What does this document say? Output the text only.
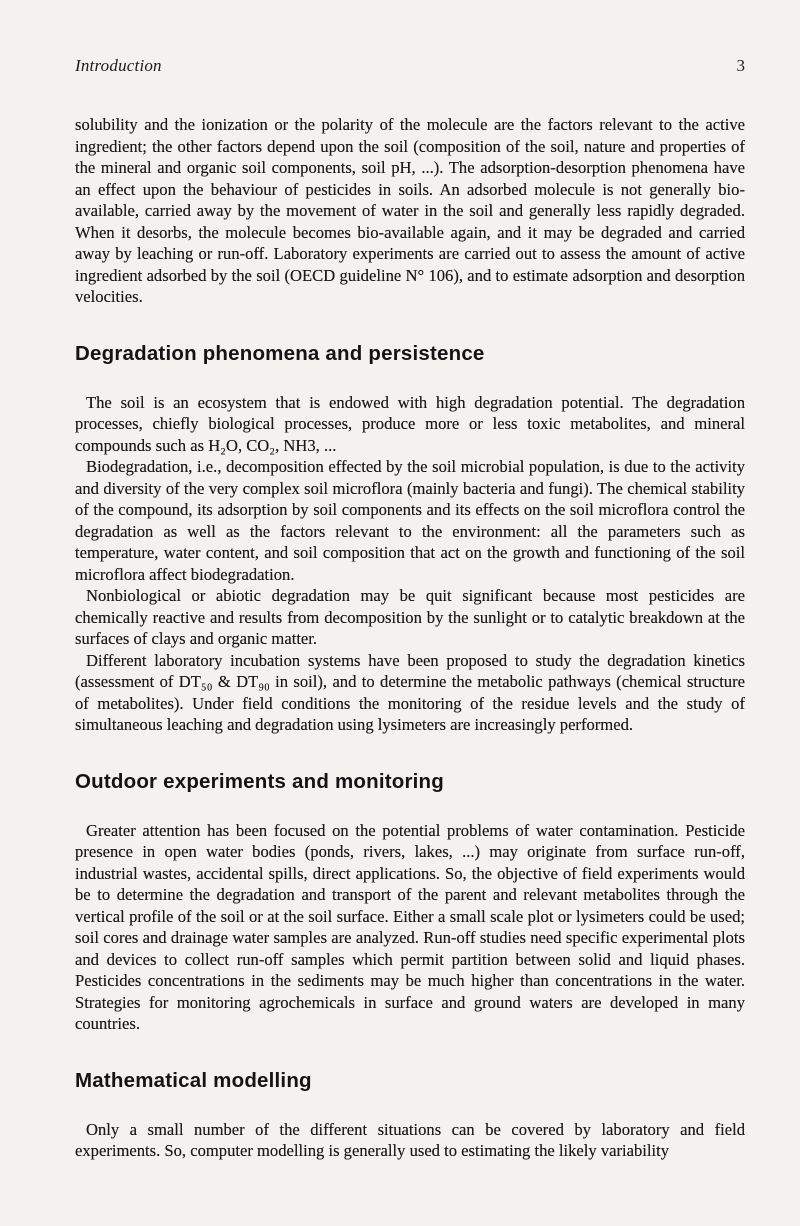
Introduction	3

solubility and the ionization or the polarity of the molecule are the factors relevant to the active ingredient; the other factors depend upon the soil (composition of the soil, nature and properties of the mineral and organic soil components, soil pH, ...). The adsorption-desorption phenomena have an effect upon the behaviour of pesticides in soils. An adsorbed molecule is not generally bio-available, carried away by the movement of water in the soil and generally less rapidly degraded. When it desorbs, the molecule becomes bio-available again, and it may be degraded and carried away by leaching or run-off. Laboratory experiments are carried out to assess the amount of active ingredient adsorbed by the soil (OECD guideline N° 106), and to estimate adsorption and desorption velocities.

Degradation phenomena and persistence

The soil is an ecosystem that is endowed with high degradation potential. The degradation processes, chiefly biological processes, produce more or less toxic metabolites, and mineral compounds such as H₂O, CO₂, NH3, ...

Biodegradation, i.e., decomposition effected by the soil microbial population, is due to the activity and diversity of the very complex soil microflora (mainly bacteria and fungi). The chemical stability of the compound, its adsorption by soil components and its effects on the soil microflora control the degradation as well as the factors relevant to the environment: all the parameters such as temperature, water content, and soil composition that act on the growth and functioning of the soil microflora affect biodegradation.

Nonbiological or abiotic degradation may be quit significant because most pesticides are chemically reactive and results from decomposition by the sunlight or to catalytic breakdown at the surfaces of clays and organic matter.

Different laboratory incubation systems have been proposed to study the degradation kinetics (assessment of DT₅₀ & DT₉₀ in soil), and to determine the metabolic pathways (chemical structure of metabolites). Under field conditions the monitoring of the residue levels and the study of simultaneous leaching and degradation using lysimeters are increasingly performed.

Outdoor experiments and monitoring

Greater attention has been focused on the potential problems of water contamination. Pesticide presence in open water bodies (ponds, rivers, lakes, ...) may originate from surface run-off, industrial wastes, accidental spills, direct applications. So, the objective of field experiments would be to determine the degradation and transport of the parent and relevant metabolites through the vertical profile of the soil or at the soil surface. Either a small scale plot or lysimeters could be used; soil cores and drainage water samples are analyzed. Run-off studies need specific experimental plots and devices to collect run-off samples which permit partition between solid and liquid phases. Pesticides concentrations in the sediments may be much higher than concentrations in the water. Strategies for monitoring agrochemicals in surface and ground waters are developed in many countries.

Mathematical modelling

Only a small number of the different situations can be covered by laboratory and field experiments. So, computer modelling is generally used to estimating the likely variability
